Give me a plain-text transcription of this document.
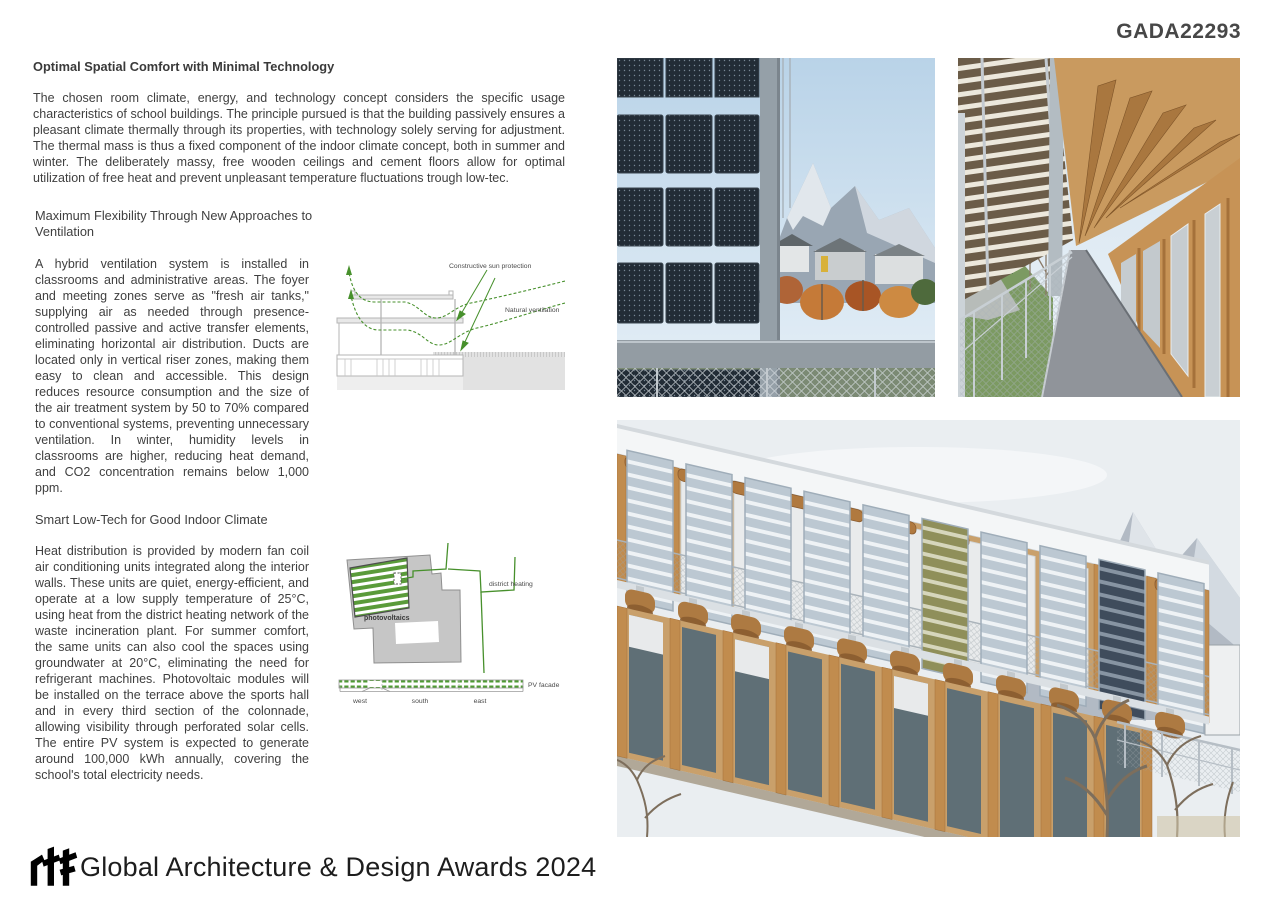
GADA22293
Optimal Spatial Comfort with Minimal Technology
The chosen room climate, energy, and technology concept considers the specific usage characteristics of school buildings. The principle pursued is that the building passively ensures a pleasant climate thermally through its properties, with technology solely serving for adjustment. The thermal mass is thus a fixed component of the indoor climate concept, both in summer and winter. The deliberately massy, free wooden ceilings and cement floors allow for optimal utilization of free heat and prevent unpleasant temperature fluctuations trough low-tec.
Maximum Flexibility Through New Approaches to Ventilation
A hybrid ventilation system is installed in classrooms and administrative areas. The foyer and meeting zones serve as "fresh air tanks," supplying air as needed through presence-controlled passive and active transfer elements, eliminating horizontal air distribution. Ducts are located only in vertical riser zones, making them easy to clean and accessible. This design reduces resource consumption and the size of the air treatment system by 50 to 70% compared to conventional systems, preventing unnecessary ventilation. In winter, humidity levels in classrooms are higher, reducing heat demand, and CO2 concentration remains below 1,000 ppm.
Constructive sun protection
Natural ventilation
Smart Low-Tech for Good Indoor Climate
Heat distribution is provided by modern fan coil air conditioning units integrated along the interior walls. These units are quiet, energy-efficient, and operate at a low supply temperature of 25°C, using heat from the district heating network of the waste incineration plant. For summer comfort, the same units can also cool the spaces using groundwater at 20°C, eliminating the need for refrigerant machines. Photovoltaic modules will be installed on the terrace above the sports hall and in every third section of the colonnade, allowing visibility through perforated solar cells. The entire PV system is expected to generate around 100,000 kWh annually, covering the school's total electricity needs.
photovoltaics
district heating
PV facade
west	south	east
Global Architecture & Design Awards 2024
